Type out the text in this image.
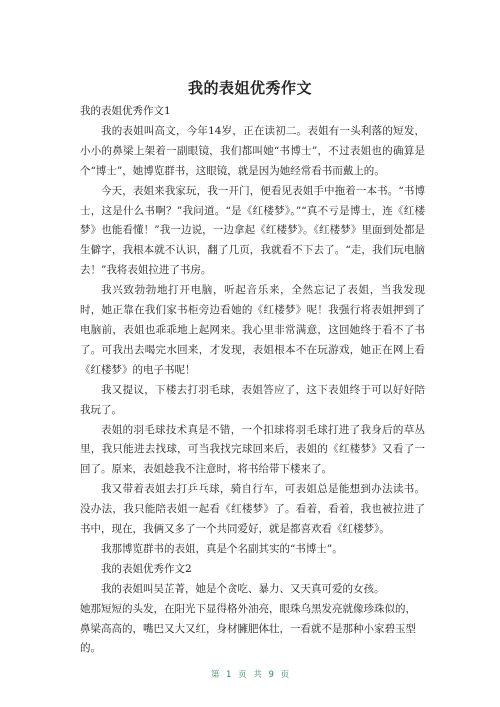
我的表姐优秀作文

我的表姐优秀作文1

我的表姐叫高文，今年14岁，正在读初二。表姐有一头利落的短发，小小的鼻梁上架着一副眼镜，我们都叫她“书博士”，不过表姐也的确算是个“博士”，她博览群书，这眼镜，就是因为她经常看书而戴上的。

今天，表姐来我家玩，我一开门，便看见表姐手中拖着一本书。“书博士，这是什么书啊？”我问道。“是《红楼梦》。”“真不亏是博士，连《红楼梦》也能看懂！”我一边说，一边拿起《红楼梦》。《红楼梦》里面到处都是生僻字，我根本就不认识，翻了几页，我就看不下去了。“走，我们玩电脑去！”我将表姐拉进了书房。

我兴致勃勃地打开电脑，听起音乐来，全然忘记了表姐，当我发现时，她正靠在我们家书柜旁边看她的《红楼梦》呢！我强行将表姐押到了电脑前，表姐也乖乖地上起网来。我心里非常满意，这回她终于看不了书了。可我出去喝完水回来，才发现，表姐根本不在玩游戏，她正在网上看《红楼梦》的电子书呢！

我又提议，下楼去打羽毛球，表姐答应了，这下表姐终于可以好好陪我玩了。

表姐的羽毛球技术真是不错，一个扣球将羽毛球打进了我身后的草丛里，我只能进去找球，可当我找完球回来后，表姐的《红楼梦》又看了一回了。原来，表姐趁我不注意时，将书给带下楼来了。

我又带着表姐去打乒乓球，骑自行车，可表姐总是能想到办法读书。没办法，我只能陪表姐一起看《红楼梦》了。看着，看着，我也被拉进了书中，现在，我俩又多了一个共同爱好，就是都喜欢看《红楼梦》。

我那博览群书的表姐，真是个名副其实的“书博士”。

我的表姐优秀作文2

我的表姐叫吴芷菁，她是个贪吃、暴力、又天真可爱的女孩。

她那短短的头发，在阳光下显得格外油亮，眼珠乌黑发亮就像珍珠似的，鼻梁高高的，嘴巴又大又红，身材臃肥体壮，一看就不是那种小家碧玉型的。

第 1 页 共 9 页
